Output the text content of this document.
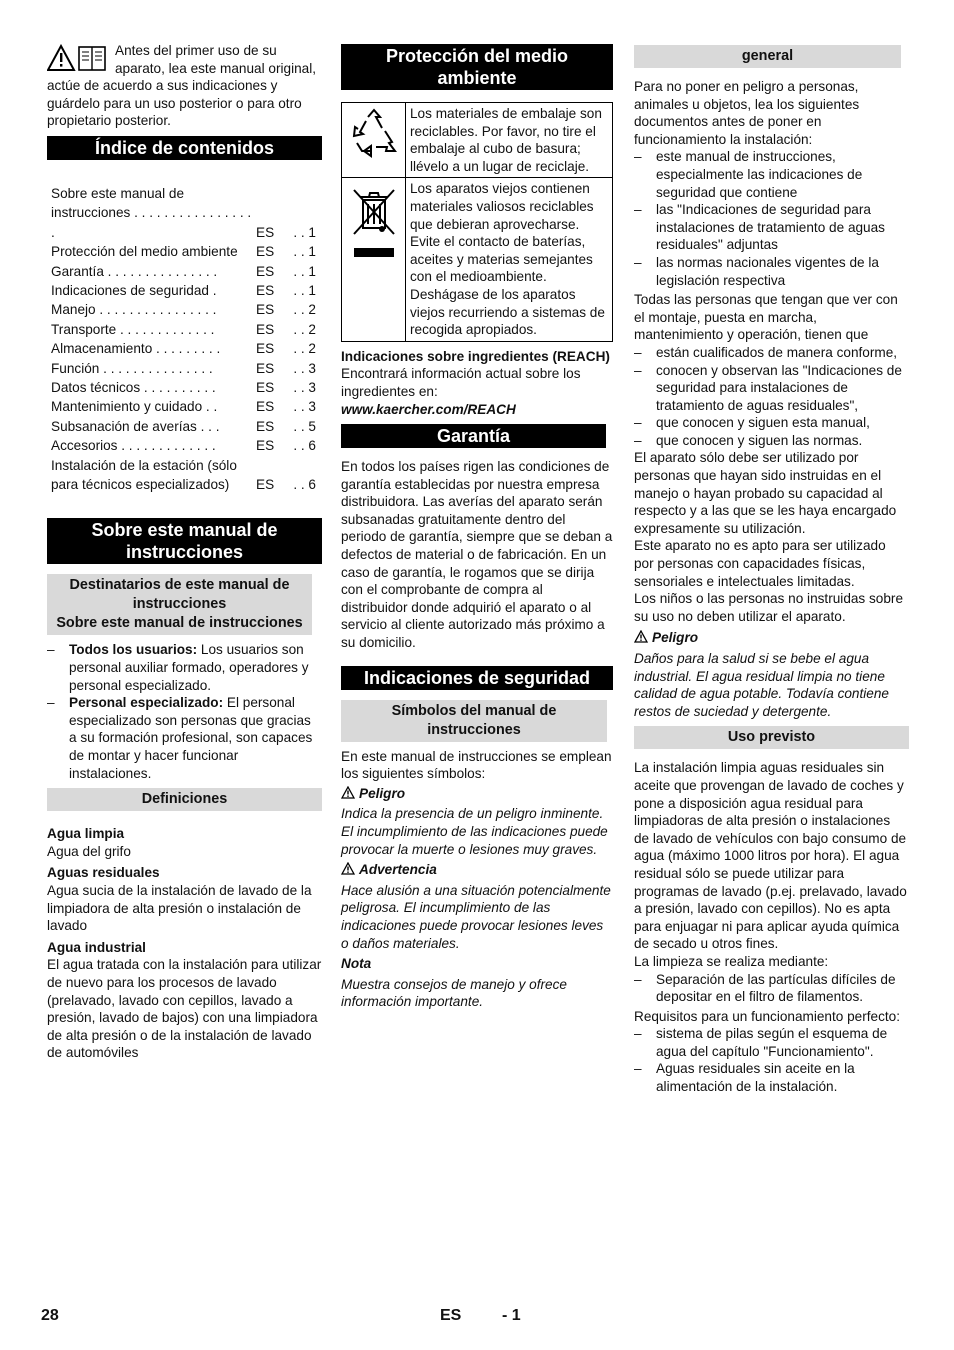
Antes del primer uso de su aparato, lea este manual original, actúe de acuerdo a sus indicaciones y guárdelo para un uso posterior o para otro propietario posterior.

Índice de contenidos
Sobre este manual de instrucciones . . . . . . . . . . . . . . . . .	ES	. . 1
Protección del medio ambiente	ES	. . 1
Garantía . . . . . . . . . . . . . . .	ES	. . 1
Indicaciones de seguridad .	ES	. . 1
Manejo . . . . . . . . . . . . . . . .	ES	. . 2
Transporte . . . . . . . . . . . . .	ES	. . 2
Almacenamiento . . . . . . . . .	ES	. . 2
Función . . . . . . . . . . . . . . .	ES	. . 3
Datos técnicos . . . . . . . . . .	ES	. . 3
Mantenimiento y cuidado . .	ES	. . 3
Subsanación de averías . . .	ES	. . 5
Accesorios . . . . . . . . . . . . .	ES	. . 6
Instalación de la estación (sólo para técnicos especializados)	ES	. . 6
Sobre este manual de instrucciones
Destinatarios de este manual de instrucciones
Sobre este manual de instrucciones
–	Todos los usuarios: Los usuarios son personal auxiliar formado, operadores y personal especializado.
–	Personal especializado: El personal especializado son personas que gracias a su formación profesional, son capaces de montar y hacer funcionar instalaciones.
Definiciones

Agua limpia

Agua del grifo

Aguas residuales

Agua sucia de la instalación de lavado de la limpiadora de alta presión o instalación de lavado

Agua industrial

El agua tratada con la instalación para utilizar de nuevo para los procesos de lavado (prelavado, lavado con cepillos, lavado a presión, lavado de bajos) con una limpiadora de alta presión o de la instalación de lavado de automóviles

Protección del medio ambiente
	Los materiales de embalaje son reciclables. Por favor, no tire el embalaje al cubo de basura; llévelo a un lugar de reciclaje.
	Los aparatos viejos contienen materiales valiosos reciclables que debieran aprovecharse. Evite el contacto de baterías, aceites y materias semejantes con el medioambiente. Deshágase de los aparatos viejos recurriendo a sistemas de recogida apropiados.

Indicaciones sobre ingredientes (REACH)

Encontrará información actual sobre los ingredientes en:

www.kaercher.com/REACH

Garantía

En todos los países rigen las condiciones de garantía establecidas por nuestra empresa distribuidora. Las averías del aparato serán subsanadas gratuitamente dentro del periodo de garantía, siempre que se deban a defectos de material o de fabricación. En un caso de garantía, le rogamos que se dirija con el comprobante de compra al distribuidor donde adquirió el aparato o al servicio al cliente autorizado más próximo a su domicilio.

Indicaciones de seguridad
Símbolos del manual de instrucciones

En este manual de instrucciones se emplean los siguientes símbolos:

Peligro

Indica la presencia de un peligro inminente. El incumplimiento de las indicaciones puede provocar la muerte o lesiones muy graves.

Advertencia

Hace alusión a una situación potencialmente peligrosa. El incumplimiento de las indicaciones puede provocar lesiones leves o daños materiales.

Nota

Muestra consejos de manejo y ofrece información importante.

general

Para no poner en peligro a personas, animales u objetos, lea los siguientes documentos antes de poner en funcionamiento la instalación:

–	este manual de instrucciones, especialmente las indicaciones de seguridad que contiene
–	las "Indicaciones de seguridad para instalaciones de tratamiento de aguas residuales" adjuntas
–	las normas nacionales vigentes de la legislación respectiva

Todas las personas que tengan que ver con el montaje, puesta en marcha, mantenimiento y operación, tienen que

–	están cualificados de manera conforme,
–	conocen y observan las "Indicaciones de seguridad para instalaciones de tratamiento de aguas residuales",
–	que conocen y siguen esta manual,
–	que conocen y siguen las normas.

El aparato sólo debe ser utilizado por personas que hayan sido instruidas en el manejo o hayan probado su capacidad al respecto y a las que se les haya encargado expresamente su utilización.

Este aparato no es apto para ser utilizado por personas con capacidades físicas, sensoriales e intelectuales limitadas.

Los niños o las personas no instruidas sobre su uso no deben utilizar el aparato.

Peligro

Daños para la salud si se bebe el agua industrial. El agua residual limpia no tiene calidad de agua potable. Todavía contiene restos de suciedad y detergente.

Uso previsto

La instalación limpia aguas residuales sin aceite que provengan de lavado de coches y pone a disposición agua residual para limpiadoras de alta presión o instalaciones de lavado de vehículos con bajo consumo de agua (máximo 1000 litros por hora). El agua residual sólo se puede utilizar para programas de lavado (p.ej. prelavado, lavado a presión, lavado con cepillos). No es apta para enjuagar ni para aplicar ayuda química de secado u otros fines.

La limpieza se realiza mediante:

–	Separación de las partículas difíciles de depositar en el filtro de filamentos.

Requisitos para un funcionamiento perfecto:

–	sistema de pilas según el esquema de agua del capítulo "Funcionamiento".
–	Aguas residuales sin aceite en la alimentación de la instalación.
28	ES	- 1
